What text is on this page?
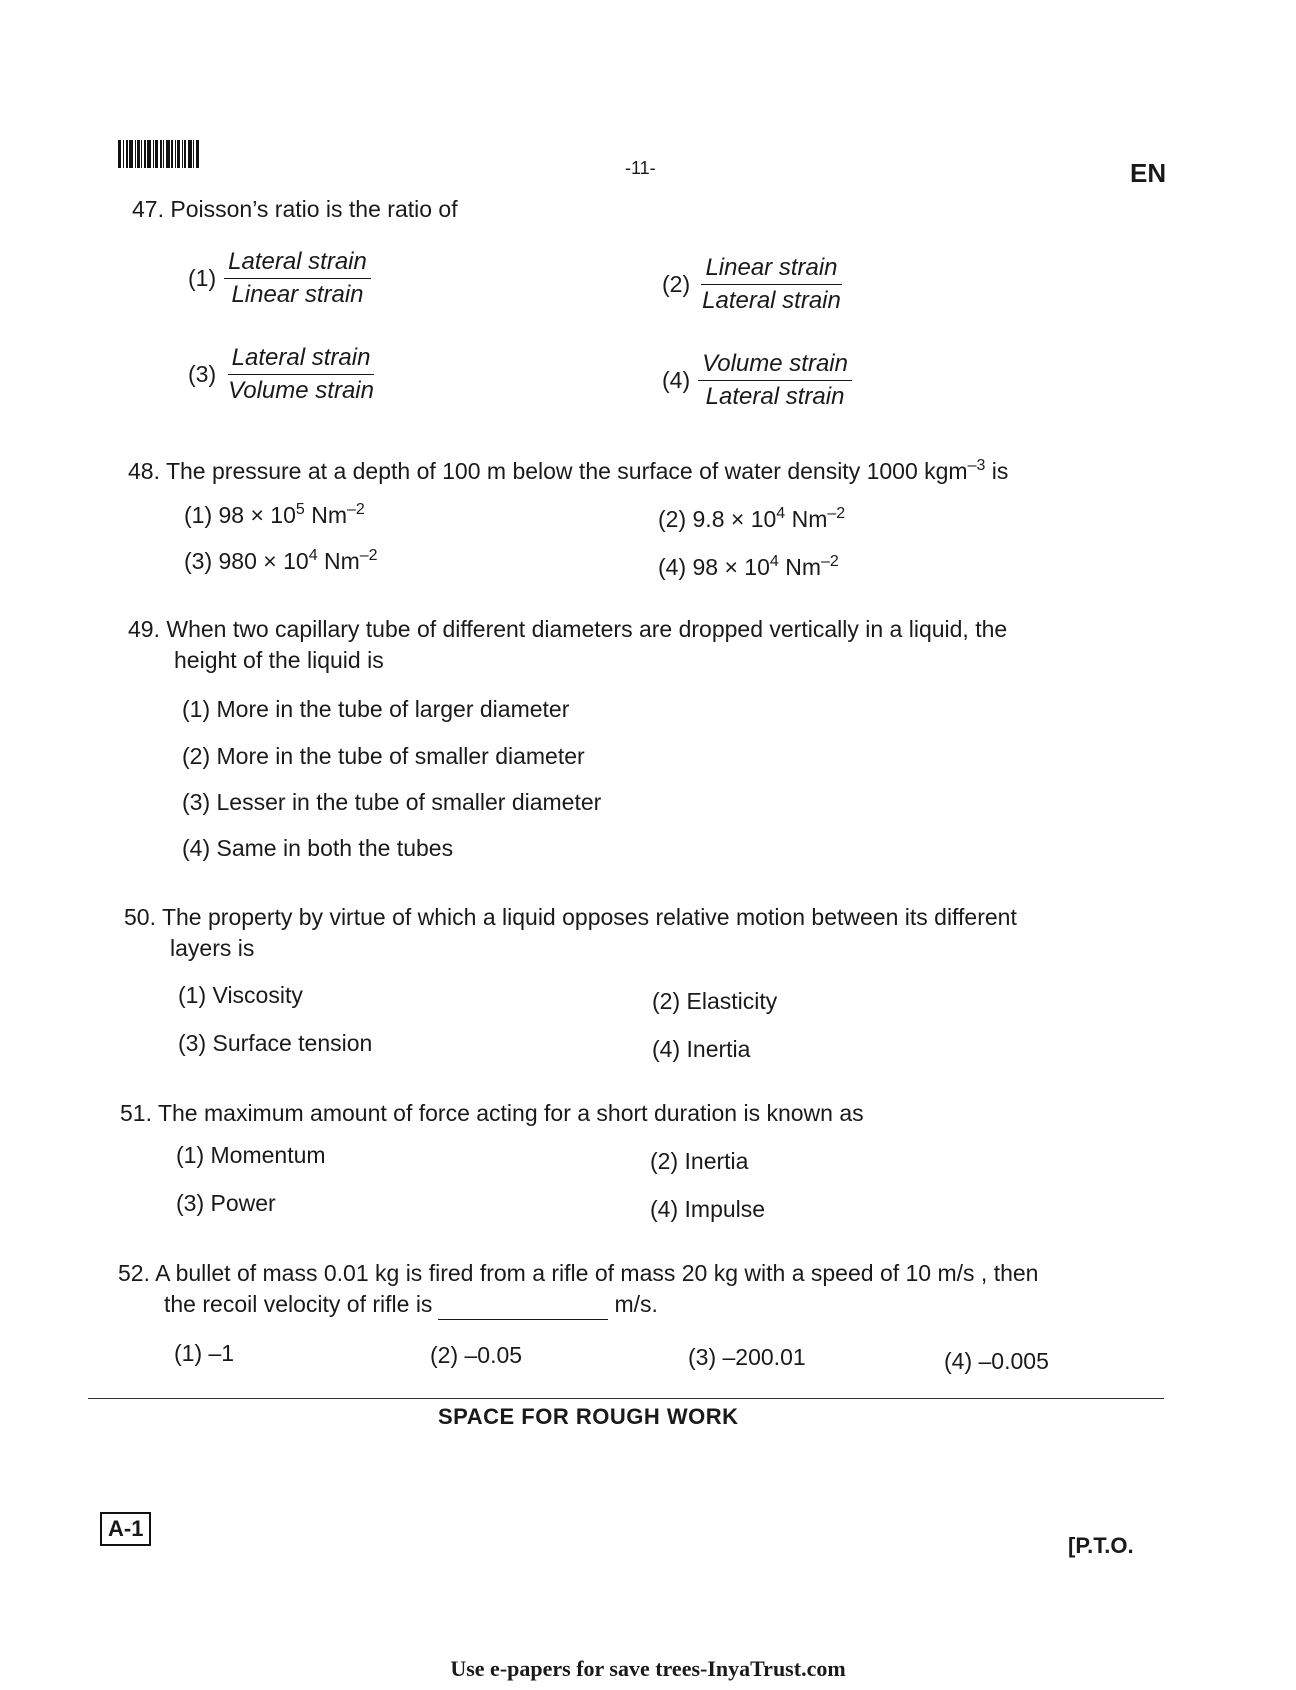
-11-	EN
47. Poisson’s ratio is the ratio of
$(1) \frac{\text{Lateral strain}}{\text{Linear strain}}$	$(2) \frac{\text{Linear strain}}{\text{Lateral strain}}$
$(3) \frac{\text{Lateral strain}}{\text{Volume strain}}$	$(4) \frac{\text{Volume strain}}{\text{Lateral strain}}$
48. The pressure at a depth of 100 m below the surface of water density 1000 kgm$^{-3}$ is
(1) $98 \times 10^5$ $Nm^{-2}$	(2) $9.8 \times 10^4$ $Nm^{-2}$
(3) $980 \times 10^4$ $Nm^{-2}$	(4) $98 \times 10^4$ $Nm^{-2}$
49. When two capillary tube of different diameters are dropped vertically in a liquid, the
height of the liquid is
(1) More in the tube of larger diameter
(2) More in the tube of smaller diameter
(3) Lesser in the tube of smaller diameter
(4) Same in both the tubes
50. The property by virtue of which a liquid opposes relative motion between its different
layers is
(1) Viscosity	(2) Elasticity
(3) Surface tension	(4) Inertia
51. The maximum amount of force acting for a short duration is known as
(1) Momentum	(2) Inertia
(3) Power	(4) Impulse
52. A bullet of mass 0.01 kg is fired from a rifle of mass 20 kg with a speed of 10 m/s , then
the recoil velocity of rifle is	m/s.
(1) –1	(2) –0.05	(3) –200.01	(4) –0.005
SPACE FOR ROUGH WORK
A-1
[P.T.O.
Use e-papers for save trees-InyaTrust.com
